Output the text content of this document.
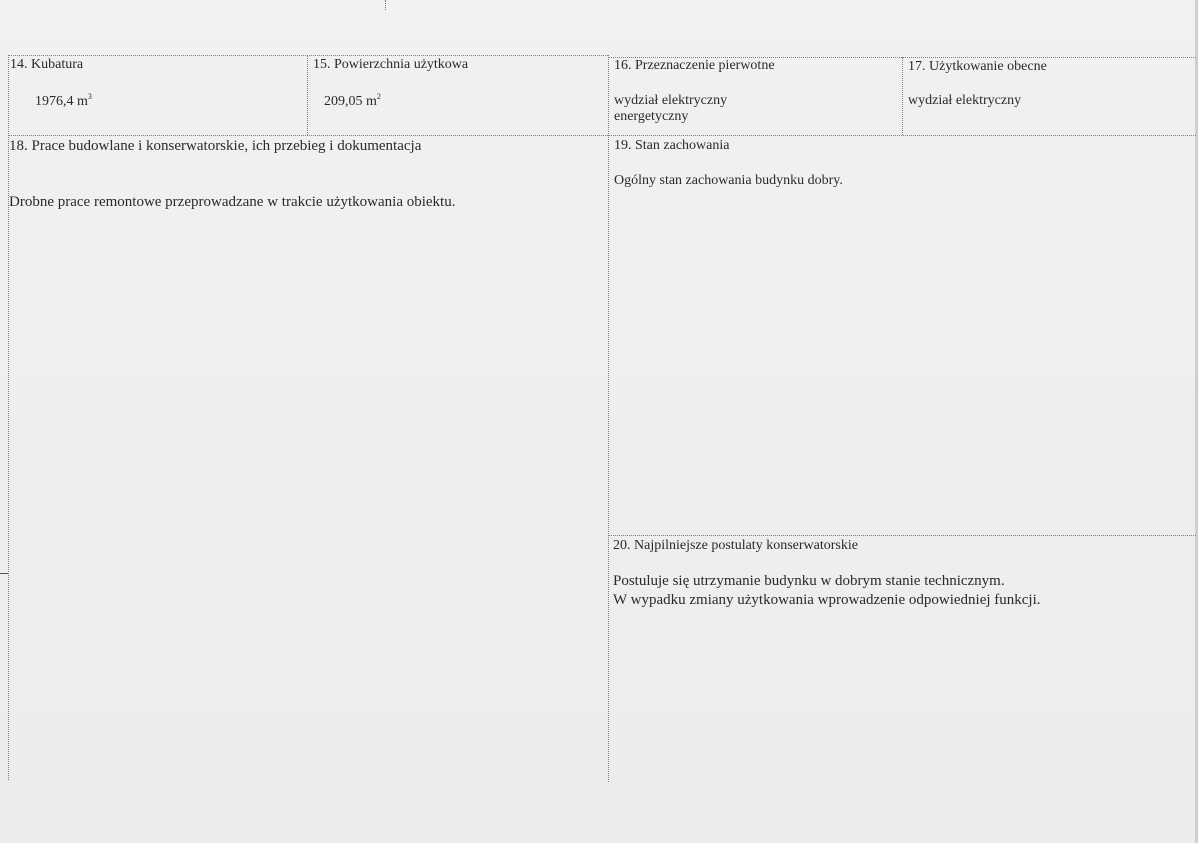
14. Kubatura
1976,4 $m^3$
15. Powierzchnia użytkowa
209,05 $m^2$
16. Przeznaczenie pierwotne
wydział elektryczny
energetyczny
17. Użytkowanie obecne
wydział elektryczny
18. Prace budowlane i konserwatorskie, ich przebieg i dokumentacja
Drobne prace remontowe przeprowadzane w trakcie użytkowania obiektu.
19. Stan zachowania
Ogólny stan zachowania budynku dobry.
20. Najpilniejsze postulaty konserwatorskie
Postuluje się utrzymanie budynku w dobrym stanie technicznym.
W wypadku zmiany użytkowania wprowadzenie odpowiedniej funkcji.
